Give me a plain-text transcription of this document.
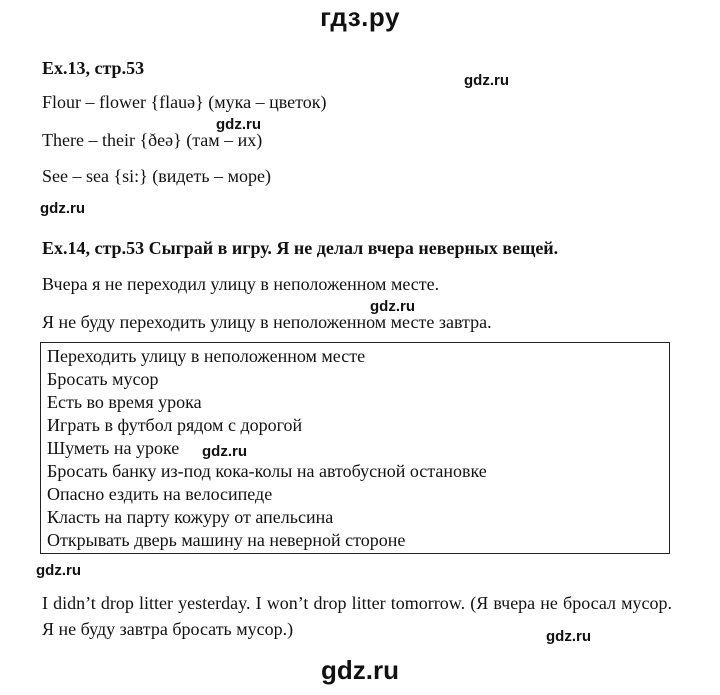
гдз.ру
Ex.13, стр.53
gdz.ru
Flour – flower {flauə} (мука – цветок)
gdz.ru
There – their {ðeə} (там – их)
See – sea {si:} (видеть – море)
gdz.ru
Ex.14, стр.53 Сыграй в игру. Я не делал вчера неверных вещей.
Вчера я не переходил улицу в неположенном месте.
gdz.ru
Я не буду переходить улицу в неположенном месте завтра.
Переходить улицу в неположенном месте
Бросать мусор
Есть во время урока
Играть в футбол рядом с дорогой
Шуметь на уроке
Бросать банку из-под кока-колы на автобусной остановке
Опасно ездить на велосипеде
Класть на парту кожуру от апельсина
Открывать дверь машину на неверной стороне
gdz.ru
gdz.ru
I didn’t drop litter yesterday. I won’t drop litter tomorrow. (Я вчера не бросал мусор. Я не буду завтра бросать мусор.)	gdz.ru
gdz.ru
